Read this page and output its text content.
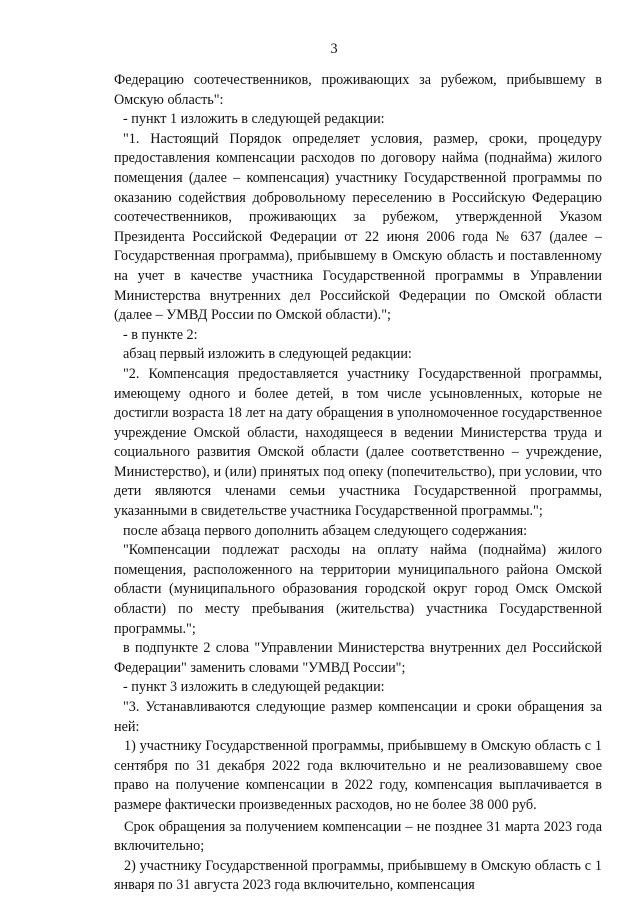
3

Федерацию соотечественников, проживающих за рубежом, прибывшему в Омскую область":

- пункт 1 изложить в следующей редакции:

"1. Настоящий Порядок определяет условия, размер, сроки, процедуру предоставления компенсации расходов по договору найма (поднайма) жилого помещения (далее – компенсация) участнику Государственной программы по оказанию содействия добровольному переселению в Российскую Федерацию соотечественников, проживающих за рубежом, утвержденной Указом Президента Российской Федерации от 22 июня 2006 года № 637 (далее – Государственная программа), прибывшему в Омскую область и поставленному на учет в качестве участника Государственной программы в Управлении Министерства внутренних дел Российской Федерации по Омской области (далее – УМВД России по Омской области).";

- в пункте 2:

абзац первый изложить в следующей редакции:

"2. Компенсация предоставляется участнику Государственной программы, имеющему одного и более детей, в том числе усыновленных, которые не достигли возраста 18 лет на дату обращения в уполномоченное государственное учреждение Омской области, находящееся в ведении Министерства труда и социального развития Омской области (далее соответственно – учреждение, Министерство), и (или) принятых под опеку (попечительство), при условии, что дети являются членами семьи участника Государственной программы, указанными в свидетельстве участника Государственной программы.";

после абзаца первого дополнить абзацем следующего содержания:

"Компенсации подлежат расходы на оплату найма (поднайма) жилого помещения, расположенного на территории муниципального района Омской области (муниципального образования городской округ город Омск Омской области) по месту пребывания (жительства) участника Государственной программы.";

в подпункте 2 слова "Управлении Министерства внутренних дел Российской Федерации" заменить словами "УМВД России";

- пункт 3 изложить в следующей редакции:

"3. Устанавливаются следующие размер компенсации и сроки обращения за ней:

1) участнику Государственной программы, прибывшему в Омскую область с 1 сентября по 31 декабря 2022 года включительно и не реализовавшему свое право на получение компенсации в 2022 году, компенсация выплачивается в размере фактически произведенных расходов, но не более 38 000 руб.

Срок обращения за получением компенсации – не позднее 31 марта 2023 года включительно;

2) участнику Государственной программы, прибывшему в Омскую область с 1 января по 31 августа 2023 года включительно, компенсация
